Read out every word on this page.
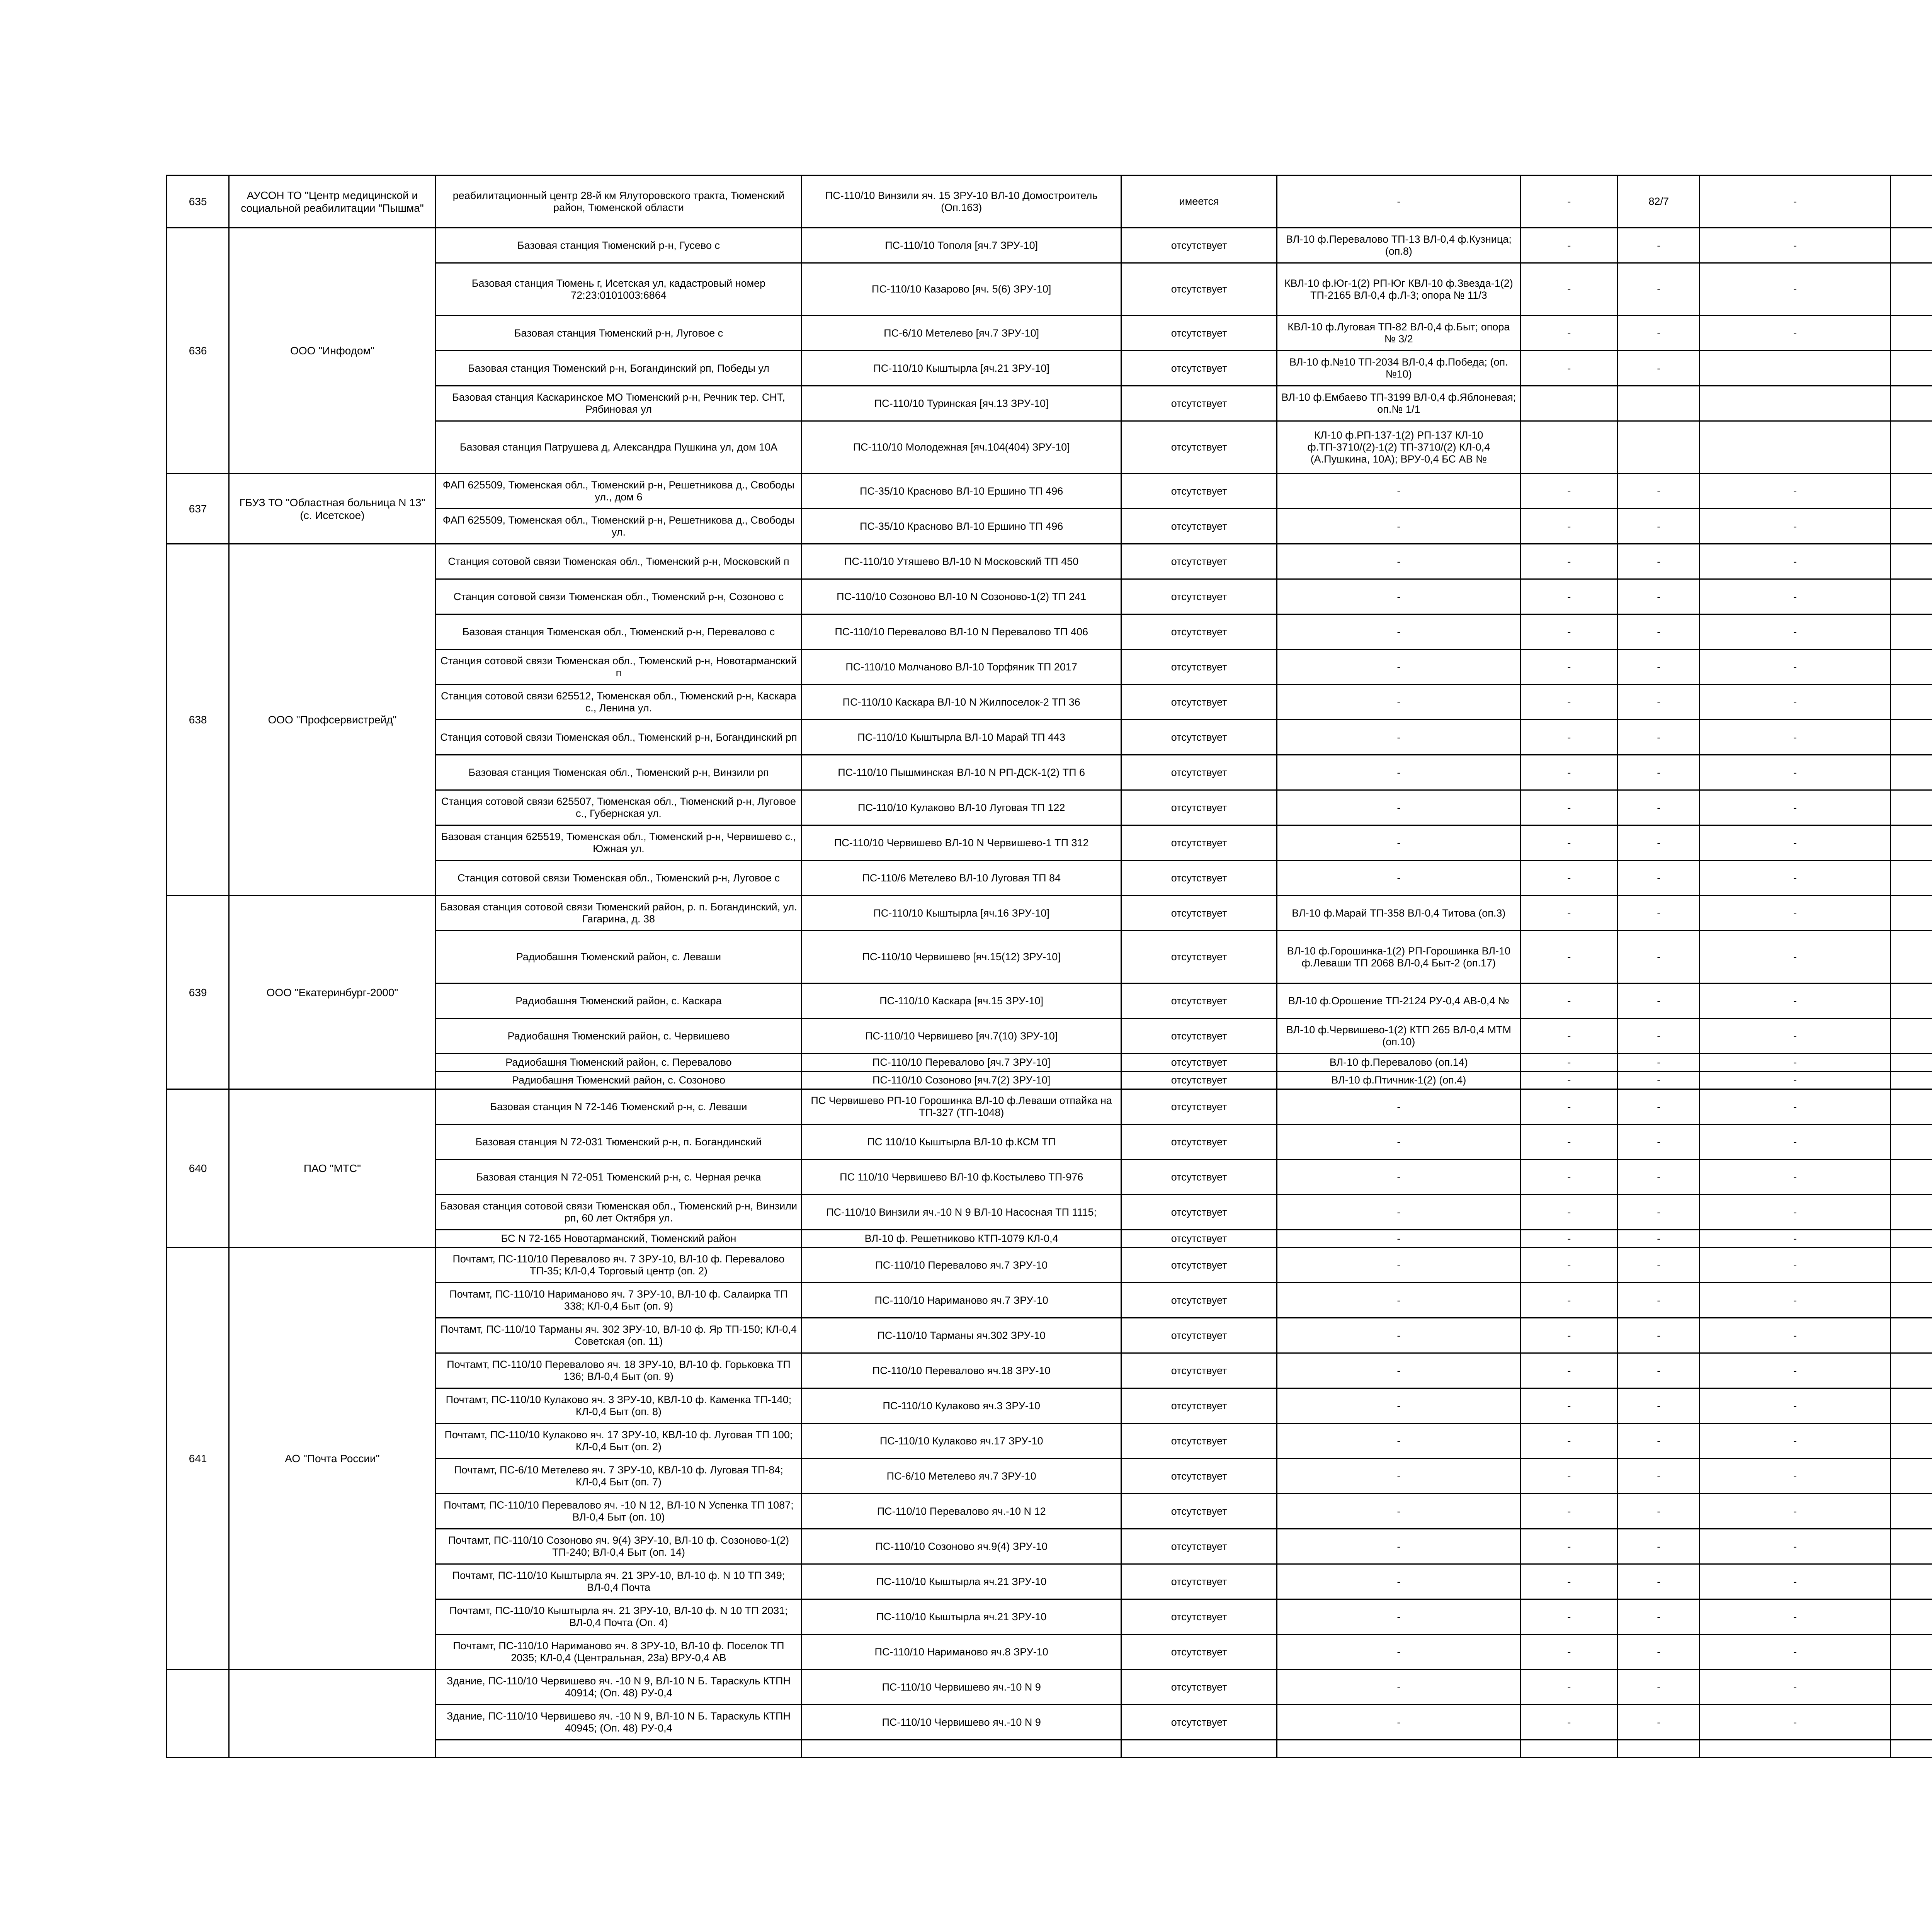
635	АУСОН ТО "Центр медицинской и социальной реабилитации "Пышма"	реабилитационный центр 28-й км Ялуторовского тракта, Тюменский район, Тюменской области	ПС-110/10 Винзили яч. 15 ЗРУ-10 ВЛ-10 Домостроитель (Оп.163)	имеется	-	-	82/7	-		
636	ООО "Инфодом"	Базовая станция Тюменский р-н, Гусево с	ПС-110/10 Тополя [яч.7 ЗРУ-10]	отсутствует	ВЛ-10 ф.Перевалово ТП-13 ВЛ-0,4 ф.Кузница; (оп.8)	-	-	-		
		Базовая станция Тюмень г, Исетская ул, кадастровый номер 72:23:0101003:6864	ПС-110/10 Казарово [яч. 5(6) ЗРУ-10]	отсутствует	КВЛ-10 ф.Юг-1(2) РП-Юг КВЛ-10 ф.Звезда-1(2) ТП-2165 ВЛ-0,4 ф.Л-3; опора № 11/3	-	-	-		
		Базовая станция Тюменский р-н, Луговое с	ПС-6/10 Метелево [яч.7 ЗРУ-10]	отсутствует	КВЛ-10 ф.Луговая ТП-82 ВЛ-0,4 ф.Быт; опора № 3/2	-	-	-		
		Базовая станция Тюменский р-н, Богандинский рп, Победы ул	ПС-110/10 Кыштырла [яч.21 ЗРУ-10]	отсутствует	ВЛ-10 ф.№10 ТП-2034 ВЛ-0,4 ф.Победа; (оп.№10)	-	-			
		Базовая станция Каскаринское МО Тюменский р-н, Речник тер. СНТ, Рябиновая ул	ПС-110/10 Туринская [яч.13 ЗРУ-10]	отсутствует	ВЛ-10 ф.Ембаево ТП-3199 ВЛ-0,4 ф.Яблоневая; оп.№ 1/1					
		Базовая станция Патрушева д, Александра Пушкина ул, дом 10А	ПС-110/10 Молодежная [яч.104(404) ЗРУ-10]	отсутствует	КЛ-10 ф.РП-137-1(2) РП-137 КЛ-10 ф.ТП-3710/(2)-1(2) ТП-3710/(2) КЛ-0,4 (А.Пушкина, 10А); ВРУ-0,4 БС АВ №					
637	ГБУЗ ТО "Областная больница N 13" (с. Исетское)	ФАП 625509, Тюменская обл., Тюменский р-н, Решетникова д., Свободы ул., дом 6	ПС-35/10 Красново ВЛ-10 Ершино ТП 496	отсутствует	-	-	-	-		
		ФАП 625509, Тюменская обл., Тюменский р-н, Решетникова д., Свободы ул.	ПС-35/10 Красново ВЛ-10 Ершино ТП 496	отсутствует	-	-	-	-		
638	ООО "Профсервистрейд"	Станция сотовой связи Тюменская обл., Тюменский р-н, Московский п	ПС-110/10 Утяшево ВЛ-10 N Московский ТП 450	отсутствует	-	-	-	-		
		Станция сотовой связи Тюменская обл., Тюменский р-н, Созоново с	ПС-110/10 Созоново ВЛ-10 N Созоново-1(2) ТП 241	отсутствует	-	-	-	-		
		Базовая станция Тюменская обл., Тюменский р-н, Перевалово с	ПС-110/10 Перевалово ВЛ-10 N Перевалово ТП 406	отсутствует	-	-	-	-		
		Станция сотовой связи Тюменская обл., Тюменский р-н, Новотарманский п	ПС-110/10 Молчаново ВЛ-10 Торфяник ТП 2017	отсутствует	-	-	-	-		
		Станция сотовой связи 625512, Тюменская обл., Тюменский р-н, Каскара с., Ленина ул.	ПС-110/10 Каскара ВЛ-10 N Жилпоселок-2 ТП 36	отсутствует	-	-	-	-		
		Станция сотовой связи Тюменская обл., Тюменский р-н, Богандинский рп	ПС-110/10 Кыштырла ВЛ-10 Марай ТП 443	отсутствует	-	-	-	-		
		Базовая станция Тюменская обл., Тюменский р-н, Винзили рп	ПС-110/10 Пышминская ВЛ-10 N РП-ДСК-1(2) ТП 6	отсутствует	-	-	-	-		
		Станция сотовой связи 625507, Тюменская обл., Тюменский р-н, Луговое с., Губернская ул.	ПС-110/10 Кулаково ВЛ-10 Луговая ТП 122	отсутствует	-	-	-	-		
		Базовая станция 625519, Тюменская обл., Тюменский р-н, Червишево с., Южная ул.	ПС-110/10 Червишево ВЛ-10 N Червишево-1 ТП 312	отсутствует	-	-	-	-		
		Станция сотовой связи Тюменская обл., Тюменский р-н, Луговое с	ПС-110/6 Метелево ВЛ-10 Луговая ТП 84	отсутствует	-	-	-	-		
639	ООО "Екатеринбург-2000"	Базовая станция сотовой связи Тюменский район, р. п. Богандинский, ул. Гагарина, д. 38	ПС-110/10 Кыштырла [яч.16 ЗРУ-10]	отсутствует	ВЛ-10 ф.Марай ТП-358 ВЛ-0,4 Титова (оп.3)	-	-	-		
		Радиобашня Тюменский район, с. Леваши	ПС-110/10 Червишево [яч.15(12) ЗРУ-10]	отсутствует	ВЛ-10 ф.Горошинка-1(2) РП-Горошинка ВЛ-10 ф.Леваши ТП 2068 ВЛ-0,4 Быт-2 (оп.17)	-	-	-		
		Радиобашня Тюменский район, с. Каскара	ПС-110/10 Каскара [яч.15 ЗРУ-10]	отсутствует	ВЛ-10 ф.Орошение ТП-2124 РУ-0,4 АВ-0,4 №	-	-	-		
		Радиобашня Тюменский район, с. Червишево	ПС-110/10 Червишево [яч.7(10) ЗРУ-10]	отсутствует	ВЛ-10 ф.Червишево-1(2) КТП 265 ВЛ-0,4 МТМ (оп.10)	-	-	-		
		Радиобашня Тюменский район, с. Перевалово	ПС-110/10 Перевалово [яч.7 ЗРУ-10]	отсутствует	ВЛ-10 ф.Перевалово (оп.14)	-	-	-		
		Радиобашня Тюменский район, с. Созоново	ПС-110/10 Созоново [яч.7(2) ЗРУ-10]	отсутствует	ВЛ-10 ф.Птичник-1(2) (оп.4)	-	-	-		
640	ПАО "МТС"	Базовая станция N 72-146 Тюменский р-н, с. Леваши	ПС Червишево РП-10 Горошинка ВЛ-10 ф.Леваши отпайка на ТП-327 (ТП-1048)	отсутствует	-	-	-	-		
		Базовая станция N 72-031 Тюменский р-н, п. Богандинский	ПС 110/10 Кыштырла ВЛ-10 ф.КСМ ТП	отсутствует	-	-	-	-		
		Базовая станция N 72-051 Тюменский р-н, с. Черная речка	ПС 110/10 Червишево ВЛ-10 ф.Костылево ТП-976	отсутствует	-	-	-	-		
		Базовая станция сотовой связи Тюменская обл., Тюменский р-н, Винзили рп, 60 лет Октября ул.	ПС-110/10 Винзили яч.-10 N 9 ВЛ-10 Насосная ТП 1115;	отсутствует	-	-	-	-		
		БС N 72-165 Новотарманский, Тюменский район	ВЛ-10 ф. Решетниково КТП-1079 КЛ-0,4	отсутствует	-	-	-	-		
641	АО "Почта России"	Почтамт, ПС-110/10 Перевалово яч. 7 ЗРУ-10, ВЛ-10 ф. Перевалово ТП-35; КЛ-0,4 Торговый центр (оп. 2)	ПС-110/10 Перевалово яч.7 ЗРУ-10	отсутствует	-	-	-	-		
		Почтамт, ПС-110/10 Нариманово яч. 7 ЗРУ-10, ВЛ-10 ф. Салаирка ТП 338; КЛ-0,4 Быт (оп. 9)	ПС-110/10 Нариманово яч.7 ЗРУ-10	отсутствует	-	-	-	-		
		Почтамт, ПС-110/10 Тарманы яч. 302 ЗРУ-10, ВЛ-10 ф. Яр ТП-150; КЛ-0,4 Советская (оп. 11)	ПС-110/10 Тарманы яч.302 ЗРУ-10	отсутствует	-	-	-	-		
		Почтамт, ПС-110/10 Перевалово яч. 18 ЗРУ-10, ВЛ-10 ф. Горьковка ТП 136; ВЛ-0,4 Быт (оп. 9)	ПС-110/10 Перевалово яч.18 ЗРУ-10	отсутствует	-	-	-	-		
		Почтамт, ПС-110/10 Кулаково яч. 3 ЗРУ-10, КВЛ-10 ф. Каменка ТП-140; КЛ-0,4 Быт (оп. 8)	ПС-110/10 Кулаково яч.3 ЗРУ-10	отсутствует	-	-	-	-		
		Почтамт, ПС-110/10 Кулаково яч. 17 ЗРУ-10, КВЛ-10 ф. Луговая ТП 100; КЛ-0,4 Быт (оп. 2)	ПС-110/10 Кулаково яч.17 ЗРУ-10	отсутствует	-	-	-	-		
		Почтамт, ПС-6/10 Метелево яч. 7 ЗРУ-10, КВЛ-10 ф. Луговая ТП-84; КЛ-0,4 Быт (оп. 7)	ПС-6/10 Метелево яч.7 ЗРУ-10	отсутствует	-	-	-	-		
		Почтамт, ПС-110/10 Перевалово яч. -10 N 12, ВЛ-10 N Успенка ТП 1087; ВЛ-0,4 Быт (оп. 10)	ПС-110/10 Перевалово яч.-10 N 12	отсутствует	-	-	-	-		
		Почтамт, ПС-110/10 Созоново яч. 9(4) ЗРУ-10, ВЛ-10 ф. Созоново-1(2) ТП-240; ВЛ-0,4 Быт (оп. 14)	ПС-110/10 Созоново яч.9(4) ЗРУ-10	отсутствует	-	-	-	-		
		Почтамт, ПС-110/10 Кыштырла яч. 21 ЗРУ-10, ВЛ-10 ф. N 10 ТП 349; ВЛ-0,4 Почта	ПС-110/10 Кыштырла яч.21 ЗРУ-10	отсутствует	-	-	-	-		
		Почтамт, ПС-110/10 Кыштырла яч. 21 ЗРУ-10, ВЛ-10 ф. N 10 ТП 2031; ВЛ-0,4 Почта (Оп. 4)	ПС-110/10 Кыштырла яч.21 ЗРУ-10	отсутствует	-	-	-	-		
		Почтамт, ПС-110/10 Нариманово яч. 8 ЗРУ-10, ВЛ-10 ф. Поселок ТП 2035; КЛ-0,4 (Центральная, 23а) ВРУ-0,4 АВ	ПС-110/10 Нариманово яч.8 ЗРУ-10	отсутствует	-	-	-	-		
		Здание, ПС-110/10 Червишево яч. -10 N 9, ВЛ-10 N Б. Тараскуль КТПН 40914; (Оп. 48) РУ-0,4	ПС-110/10 Червишево яч.-10 N 9	отсутствует	-	-	-	-		
		Здание, ПС-110/10 Червишево яч. -10 N 9, ВЛ-10 N Б. Тараскуль КТПН 40945; (Оп. 48) РУ-0,4	ПС-110/10 Червишево яч.-10 N 9	отсутствует	-	-	-	-		
